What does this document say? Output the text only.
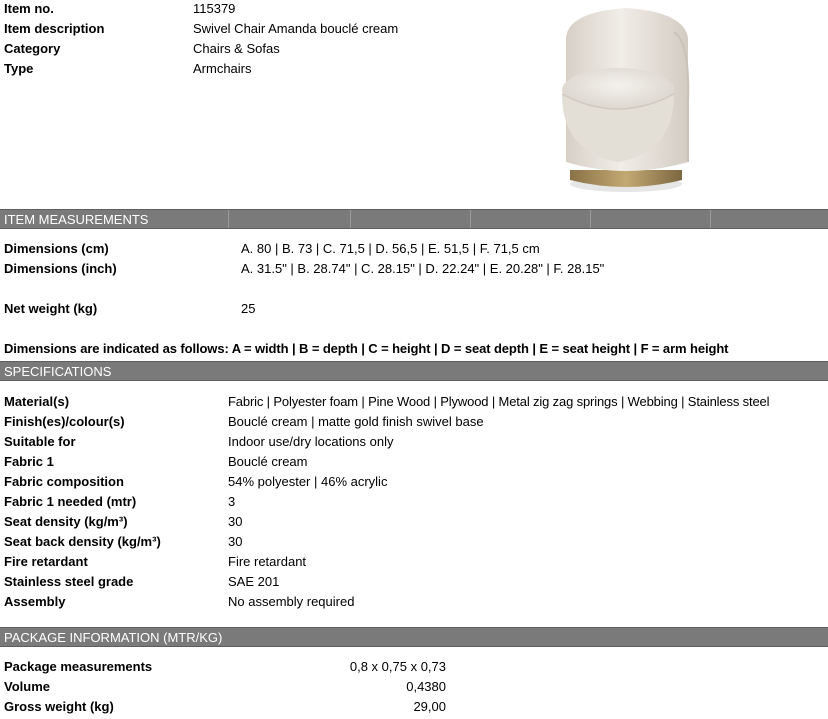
Item no.	115379
Item description	Swivel Chair Amanda bouclé cream
Category	Chairs & Sofas
Type	Armchairs
ITEM MEASUREMENTS
Dimensions (cm)	A. 80 | B. 73 | C. 71,5 | D. 56,5 | E. 51,5 | F. 71,5 cm
Dimensions (inch)	A. 31.5" | B. 28.74" | C. 28.15" | D. 22.24" | E. 20.28" | F. 28.15"
Net weight (kg)	25
Dimensions are indicated as follows: A = width | B = depth | C = height | D = seat depth | E = seat height | F = arm height
SPECIFICATIONS
Material(s)	Fabric | Polyester foam | Pine Wood | Plywood | Metal zig zag springs | Webbing | Stainless steel
Finish(es)/colour(s)	Bouclé cream | matte gold finish swivel base
Suitable for	Indoor use/dry locations only
Fabric 1	Bouclé cream
Fabric composition	54% polyester | 46% acrylic
Fabric 1 needed (mtr)	3
Seat density (kg/m³)	30
Seat back density (kg/m³)	30
Fire retardant	Fire retardant
Stainless steel grade	SAE 201
Assembly	No assembly required
PACKAGE INFORMATION (MTR/KG)
Package measurements	0,8 x 0,75 x 0,73
Volume	0,4380
Gross weight (kg)	29,00
